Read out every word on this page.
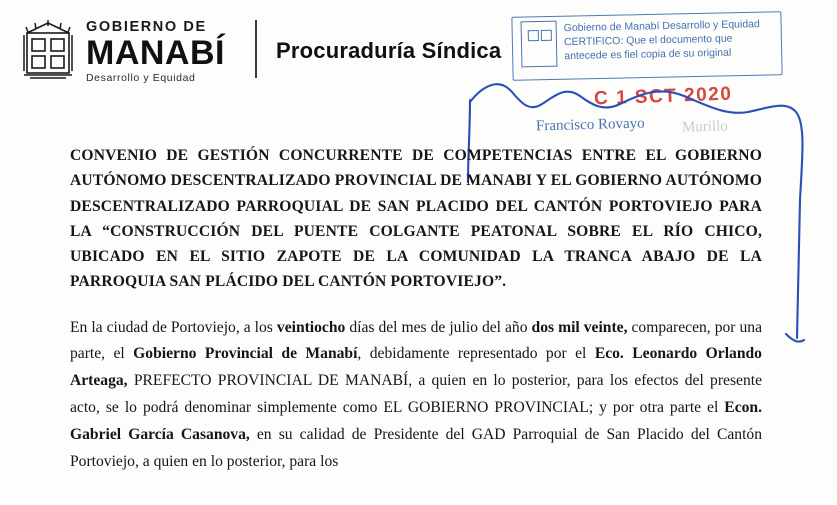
GOBIERNO DE
MANABÍ
Desarrollo y Equidad
Procuraduría Síndica
Gobierno de Manabí Desarrollo y Equidad CERTIFICO: Que el documento que antecede es fiel copia de su original
C 1 SCT 2020
Francisco Rovayo Murillo
CONVENIO DE GESTIÓN CONCURRENTE DE COMPETENCIAS ENTRE EL GOBIERNO AUTÓNOMO DESCENTRALIZADO PROVINCIAL DE MANABI Y EL GOBIERNO AUTÓNOMO DESCENTRALIZADO PARROQUIAL DE SAN PLACIDO DEL CANTÓN PORTOVIEJO PARA LA “CONSTRUCCIÓN DEL PUENTE COLGANTE PEATONAL SOBRE EL RÍO CHICO, UBICADO EN EL SITIO ZAPOTE DE LA COMUNIDAD LA TRANCA ABAJO DE LA PARROQUIA SAN PLÁCIDO DEL CANTÓN PORTOVIEJO”.
En la ciudad de Portoviejo, a los veintiocho días del mes de julio del año dos mil veinte, comparecen, por una parte, el Gobierno Provincial de Manabí, debidamente representado por el Eco. Leonardo Orlando Arteaga, PREFECTO PROVINCIAL DE MANABÍ, a quien en lo posterior, para los efectos del presente acto, se lo podrá denominar simplemente como EL GOBIERNO PROVINCIAL; y por otra parte el Econ. Gabriel García Casanova, en su calidad de Presidente del GAD Parroquial de San Placido del Cantón Portoviejo, a quien en lo posterior, para los
